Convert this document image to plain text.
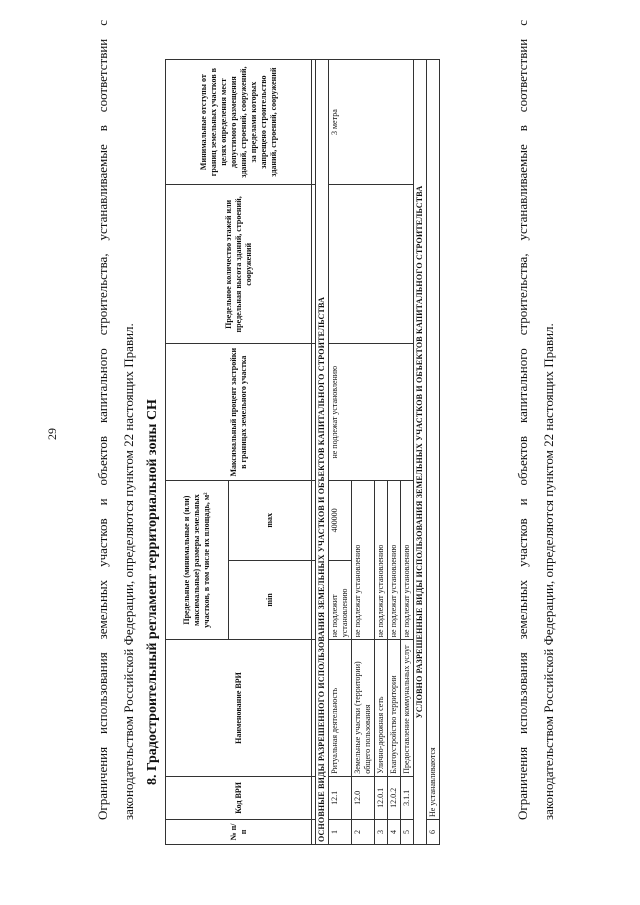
29	Ограничения использования земельных участков и объектов капитального строительства, устанавливаемые в соответствии с законодательством Российской Федерации, определяются пунктом 22 настоящих Правил. 8. Градостроительный регламент территориальной зоны СН
№ п/п	Код ВРИ	Наименование ВРИ	Предельные (минимальные и (или) максимальные) размеры земельных участков, в том числе их площадь, м²		Максимальный процент застройки в границах земельного участка	Предельное количество этажей или предельная высота зданий, строений, сооружений	Минимальные отступы от границ земельных участков в целях определения мест допустимого размещения зданий, строений, сооружений, за пределами которых запрещено строительство зданий, строений, сооружений
			min	max			

ОСНОВНЫЕ ВИДЫ РАЗРЕШЕННОГО ИСПОЛЬЗОВАНИЯ ЗЕМЕЛЬНЫХ УЧАСТКОВ И ОБЪЕКТОВ КАПИТАЛЬНОГО СТРОИТЕЛЬСТВА							
1	12.1	Ритуальная деятельность	не подлежит установлению	400000	не подлежат установлению		3 метра
2	12.0	Земельные участки (территории) общего пользования	не подлежат установлению				
3	12.0.1	Улично-дорожная сеть	не подлежат установлению				
4	12.0.2	Благоустройство территории	не подлежат установлению				
5	3.1.1	Предоставление коммунальных услуг	не подлежат установлению				
УСЛОВНО РАЗРЕШЕННЫЕ ВИДЫ ИСПОЛЬЗОВАНИЯ ЗЕМЕЛЬНЫХ УЧАСТКОВ И ОБЪЕКТОВ КАПИТАЛЬНОГО СТРОИТЕЛЬСТВА							
6	Не устанавливаются							Ограничения использования земельных участков и объектов капитального строительства, устанавливаемые в соответствии с законодательством Российской Федерации, определяются пунктом 22 настоящих Правил.
